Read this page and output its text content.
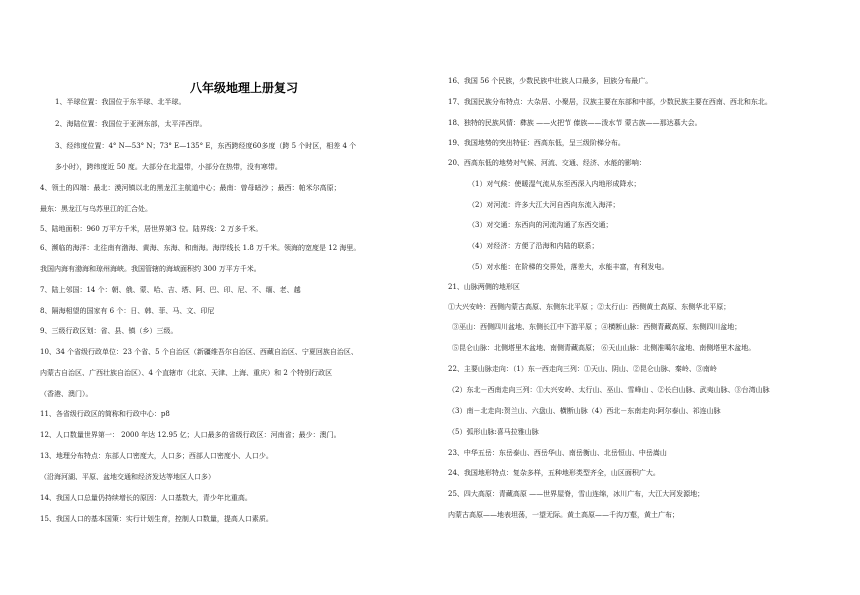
八年级地理上册复习
1、半球位置：我国位于东半球、北半球。
2、海陆位置：我国位于亚洲东部，太平洋西岸。
3、经纬度位置：4° N—53° N；73° E—135° E，东西跨经度60多度（跨 5 个时区，相差 4 个
多小时），跨纬度近 50 度。大部分在北温带，小部分在热带，没有寒带。
4、领土的四端：最北：漠河镇以北的黑龙江主航道中心；最南：曾母暗沙 ；最西：帕米尔高原；
最东：黑龙江与乌苏里江的汇合处。
5、陆地面积：960 万平方千米，居世界第3 位。陆界线：2 万多千米。
6、濒临的海洋：北往南有渤海、黄海、东海、和南海。海岸线长 1.8 万千米。领海的宽度是 12 海里。
我国内海有渤海和琼州海峡。我国管辖的海域面积约 300 万平方千米。
7、陆上邻国：14 个：朝、俄、蒙、哈、吉、塔、阿、巴、印、尼、不、缅、老、越
8、隔海相望的国家有 6 个：日、韩、菲、马、文、印尼
9、三级行政区划：省、县、镇（乡）三级。
10、34 个省级行政单位：23 个省、5 个自治区（新疆维吾尔自治区、西藏自治区、宁夏回族自治区、
内蒙古自治区、广西壮族自治区）、4 个直辖市（北京、天津、上海、重庆）和 2 个特别行政区
（香港、澳门）。
11、各省级行政区的简称和行政中心：p8
12、人口数量世界第一： 2000 年达 12.95 亿；人口最多的省级行政区：河南省；最少：澳门。
13、地理分布特点：东部人口密度大，人口多；西部人口密度小、人口少。
（沿海河湖、平原、盆地交通和经济发达等地区人口多）
14、我国人口总量仍持续增长的原因：人口基数大，青少年比重高。
15、我国人口的基本国策：实行计划生育，控制人口数量，提高人口素质。
16、我国 56 个民族，少数民族中壮族人口最多，回族分布最广。
17、我国民族分布特点：大杂居、小聚居，汉族主要在东部和中部，少数民族主要在西南、西北和东北。
18、独特的民族风情：彝族 ——火把节 傣族——泼水节 蒙古族——那达慕大会。
19、我国地势的突出特征：西高东低，呈三级阶梯分布。
20、西高东低的地势对气候、河流、交通、经济、水能的影响：
（1）对气候：使暖湿气流从东至西深入内地形成降水；
（2）对河流：许多大江大河自西向东流入海洋；
（3）对交通：东西向的河流沟通了东西交通；
（4）对经济：方便了沿海和内陆的联系；
（5）对水能：在阶梯的交界处，落差大，水能丰富，有利发电。
21、山脉两侧的地形区
①大兴安岭：西侧内蒙古高原、东侧东北平原 ；②太行山：西侧黄土高原、东侧华北平原；
③巫山：西侧四川盆地、东侧长江中下游平原 ；④横断山脉：西侧青藏高原、东侧四川盆地；
⑤昆仑山脉：北侧塔里木盆地、南侧青藏高原； ⑥天山山脉：北侧准噶尔盆地、南侧塔里木盆地。
22、主要山脉走向：（1）东一西走向三列：①天山、阴山、②昆仑山脉、秦岭、③南岭
（2）东北－西南走向三列：①大兴安岭、太行山、巫山、雪峰山 、②长白山脉、武夷山脉、③台湾山脉
（3）南－北走向:贺兰山、六盘山、横断山脉（4）西北－东南走向:阿尔泰山、祁连山脉
（5）弧形山脉:喜马拉雅山脉
23、中华五岳：东岳泰山、西岳华山、南岳衡山、北岳恒山、中岳嵩山
24、我国地形特点：复杂多样，五种地形类型齐全，山区面积广大。
25、四大高原：青藏高原 ——世界屋脊，雪山连绵，冰川广布，大江大河发源地；
内蒙古高原——地表坦荡，一望无际。黄土高原——千沟万壑，黄土广布；
